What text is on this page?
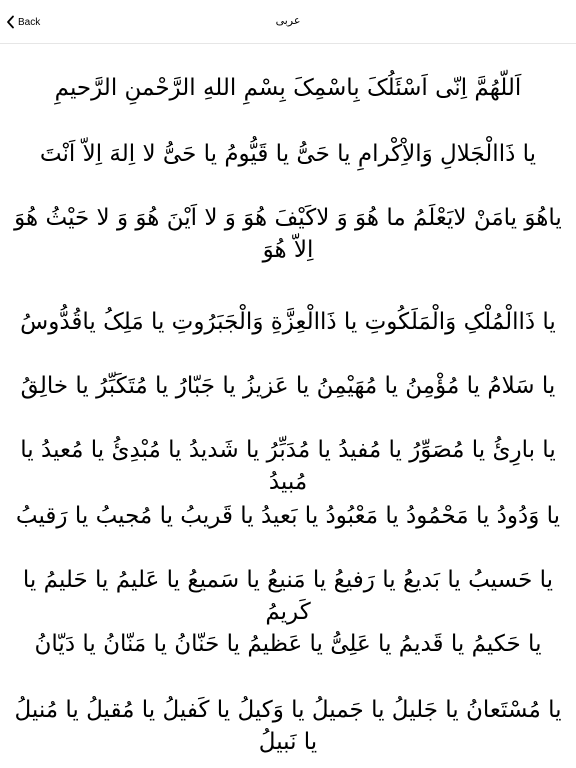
Back	عربی

اَللّهُمَّ اِنّی اَسْئَلُکَ بِاسْمِکَ بِسْمِ اللهِ الرَّحْمنِ الرَّحیمِ

یا ذَاالْجَلالِ وَالاِْکْرامِ یا حَیُّ یا قَیُّومُ یا حَیُّ لا اِلهَ اِلاّ اَنْتَ

یاهُوَ یامَنْ لایَعْلَمُ ما هُوَ وَ لاکَیْفَ هُوَ وَ لا اَیْنَ هُوَ وَ لا حَیْثُ هُوَ اِلاّ هُوَ

یا ذَاالْمُلْکِ وَالْمَلَکُوتِ یا ذَاالْعِزَّةِ وَالْجَبَرُوتِ یا مَلِکُ یاقُدُّوسُ

یا سَلامُ یا مُؤْمِنُ یا مُهَیْمِنُ یا عَزیزُ یا جَبّارُ یا مُتَکَبِّرُ یا خالِقُ

یا بارِئُ یا مُصَوِّرُ یا مُفیدُ یا مُدَبِّرُ یا شَدیدُ یا مُبْدِئُ یا مُعیدُ یا مُبیدُ

یا وَدُودُ یا مَحْمُودُ یا مَعْبُودُ یا بَعیدُ یا قَریبُ یا مُجیبُ یا رَقیبُ

یا حَسیبُ یا بَدیعُ یا رَفیعُ یا مَنیعُ یا سَمیعُ یا عَلیمُ یا حَلیمُ یا کَریمُ

یا حَکیمُ یا قَدیمُ یا عَلِیُّ یا عَظیمُ یا حَنّانُ یا مَنّانُ یا دَیّانُ

یا مُسْتَعانُ یا جَلیلُ یا جَمیلُ یا وَکیلُ یا کَفیلُ یا مُقیلُ یا مُنیلُ یا نَبیلُ
